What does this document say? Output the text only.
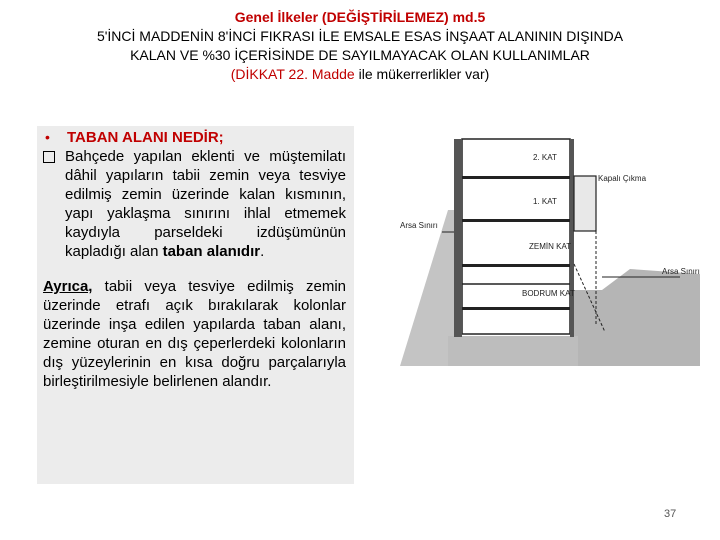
Genel İlkeler (DEĞİŞTİRİLEMEZ) md.5
5'İNCİ MADDENİN 8'İNCİ FIKRASI İLE EMSALE ESAS İNŞAAT ALANININ DIŞINDA
KALAN VE %30 İÇERİSİNDE DE SAYILMAYACAK OLAN KULLANIMLAR
(DİKKAT 22. Madde ile mükerrerlikler var)
•	TABAN ALANI NEDİR;
Bahçede yapılan eklenti ve müştemilatı dâhil yapıların tabii zemin veya tesviye edilmiş zemin üzerinde kalan kısmının, yapı yaklaşma sınırını ihlal etmemek kaydıyla parseldeki izdüşümünün kapladığı alan taban alanıdır.
Ayrıca, tabii veya tesviye edilmiş zemin üzerinde etrafı açık bırakılarak kolonlar üzerinde inşa edilen yapılarda taban alanı, zemine oturan en dış çeperlerdeki kolonların dış yüzeylerinin en kısa doğru parçalarıyla birleştirilmesiyle belirlenen alandır.
2. KAT
1. KAT
ZEMİN KAT
BODRUM KAT
Kapalı Çıkma
Arsa Sınırı
Arsa Sınırı
37
